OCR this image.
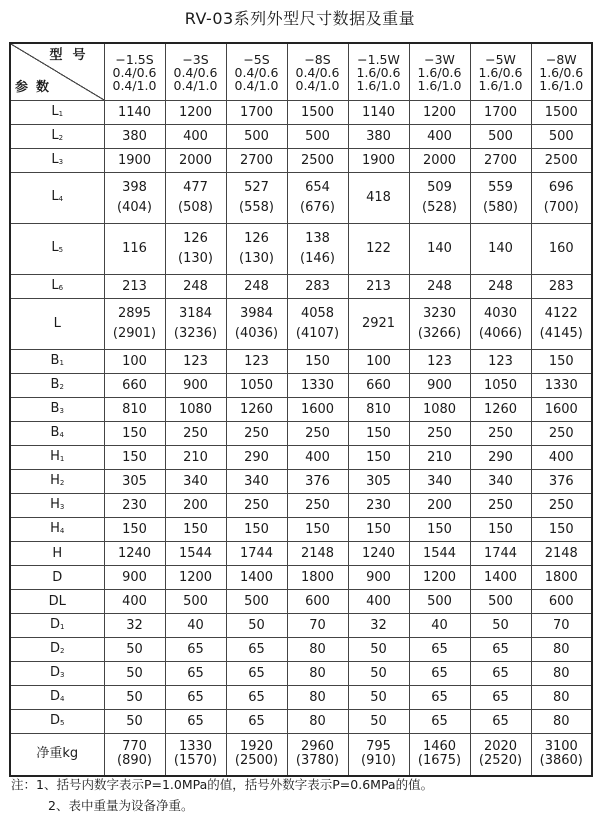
RV-03系列外型尺寸数据及重量
型号
参数	−1.5S
0.4/0.6
0.4/1.0	−3S
0.4/0.6
0.4/1.0	−5S
0.4/0.6
0.4/1.0	−8S
0.4/0.6
0.4/1.0	−1.5W
1.6/0.6
1.6/1.0	−3W
1.6/0.6
1.6/1.0	−5W
1.6/0.6
1.6/1.0	−8W
1.6/0.6
1.6/1.0

$L_1$	1140	1200	1700	1500	1140	1200	1700	1500

$L_2$	380	400	500	500	380	400	500	500

$L_3$	1900	2000	2700	2500	1900	2000	2700	2500

$L_4$	398
(404)	477
(508)	527
(558)	654
(676)	418	509
(528)	559
(580)	696
(700)

$L_5$	116	126
(130)	126
(130)	138
(146)	122	140	140	160

$L_6$	213	248	248	283	213	248	248	283

L	2895
(2901)	3184
(3236)	3984
(4036)	4058
(4107)	2921	3230
(3266)	4030
(4066)	4122
(4145)

$B_1$	100	123	123	150	100	123	123	150

$B_2$	660	900	1050	1330	660	900	1050	1330

$B_3$	810	1080	1260	1600	810	1080	1260	1600

$B_4$	150	250	250	250	150	250	250	250

$H_1$	150	210	290	400	150	210	290	400

$H_2$	305	340	340	376	305	340	340	376

$H_3$	230	200	250	250	230	200	250	250

$H_4$	150	150	150	150	150	150	150	150

H	1240	1544	1744	2148	1240	1544	1744	2148

D	900	1200	1400	1800	900	1200	1400	1800

DL	400	500	500	600	400	500	500	600

$D_1$	32	40	50	70	32	40	50	70

$D_2$	50	65	65	80	50	65	65	80

$D_3$	50	65	65	80	50	65	65	80

$D_4$	50	65	65	80	50	65	65	80

$D_5$	50	65	65	80	50	65	65	80

净重kg	770
(890)	1330
(1570)	1920
(2500)	2960
(3780)	795
(910)	1460
(1675)	2020
(2520)	3100
(3860)
注：1、括号内数字表示P=1.0MPa的值，括号外数字表示P=0.6MPa的值。
2、表中重量为设备净重。
